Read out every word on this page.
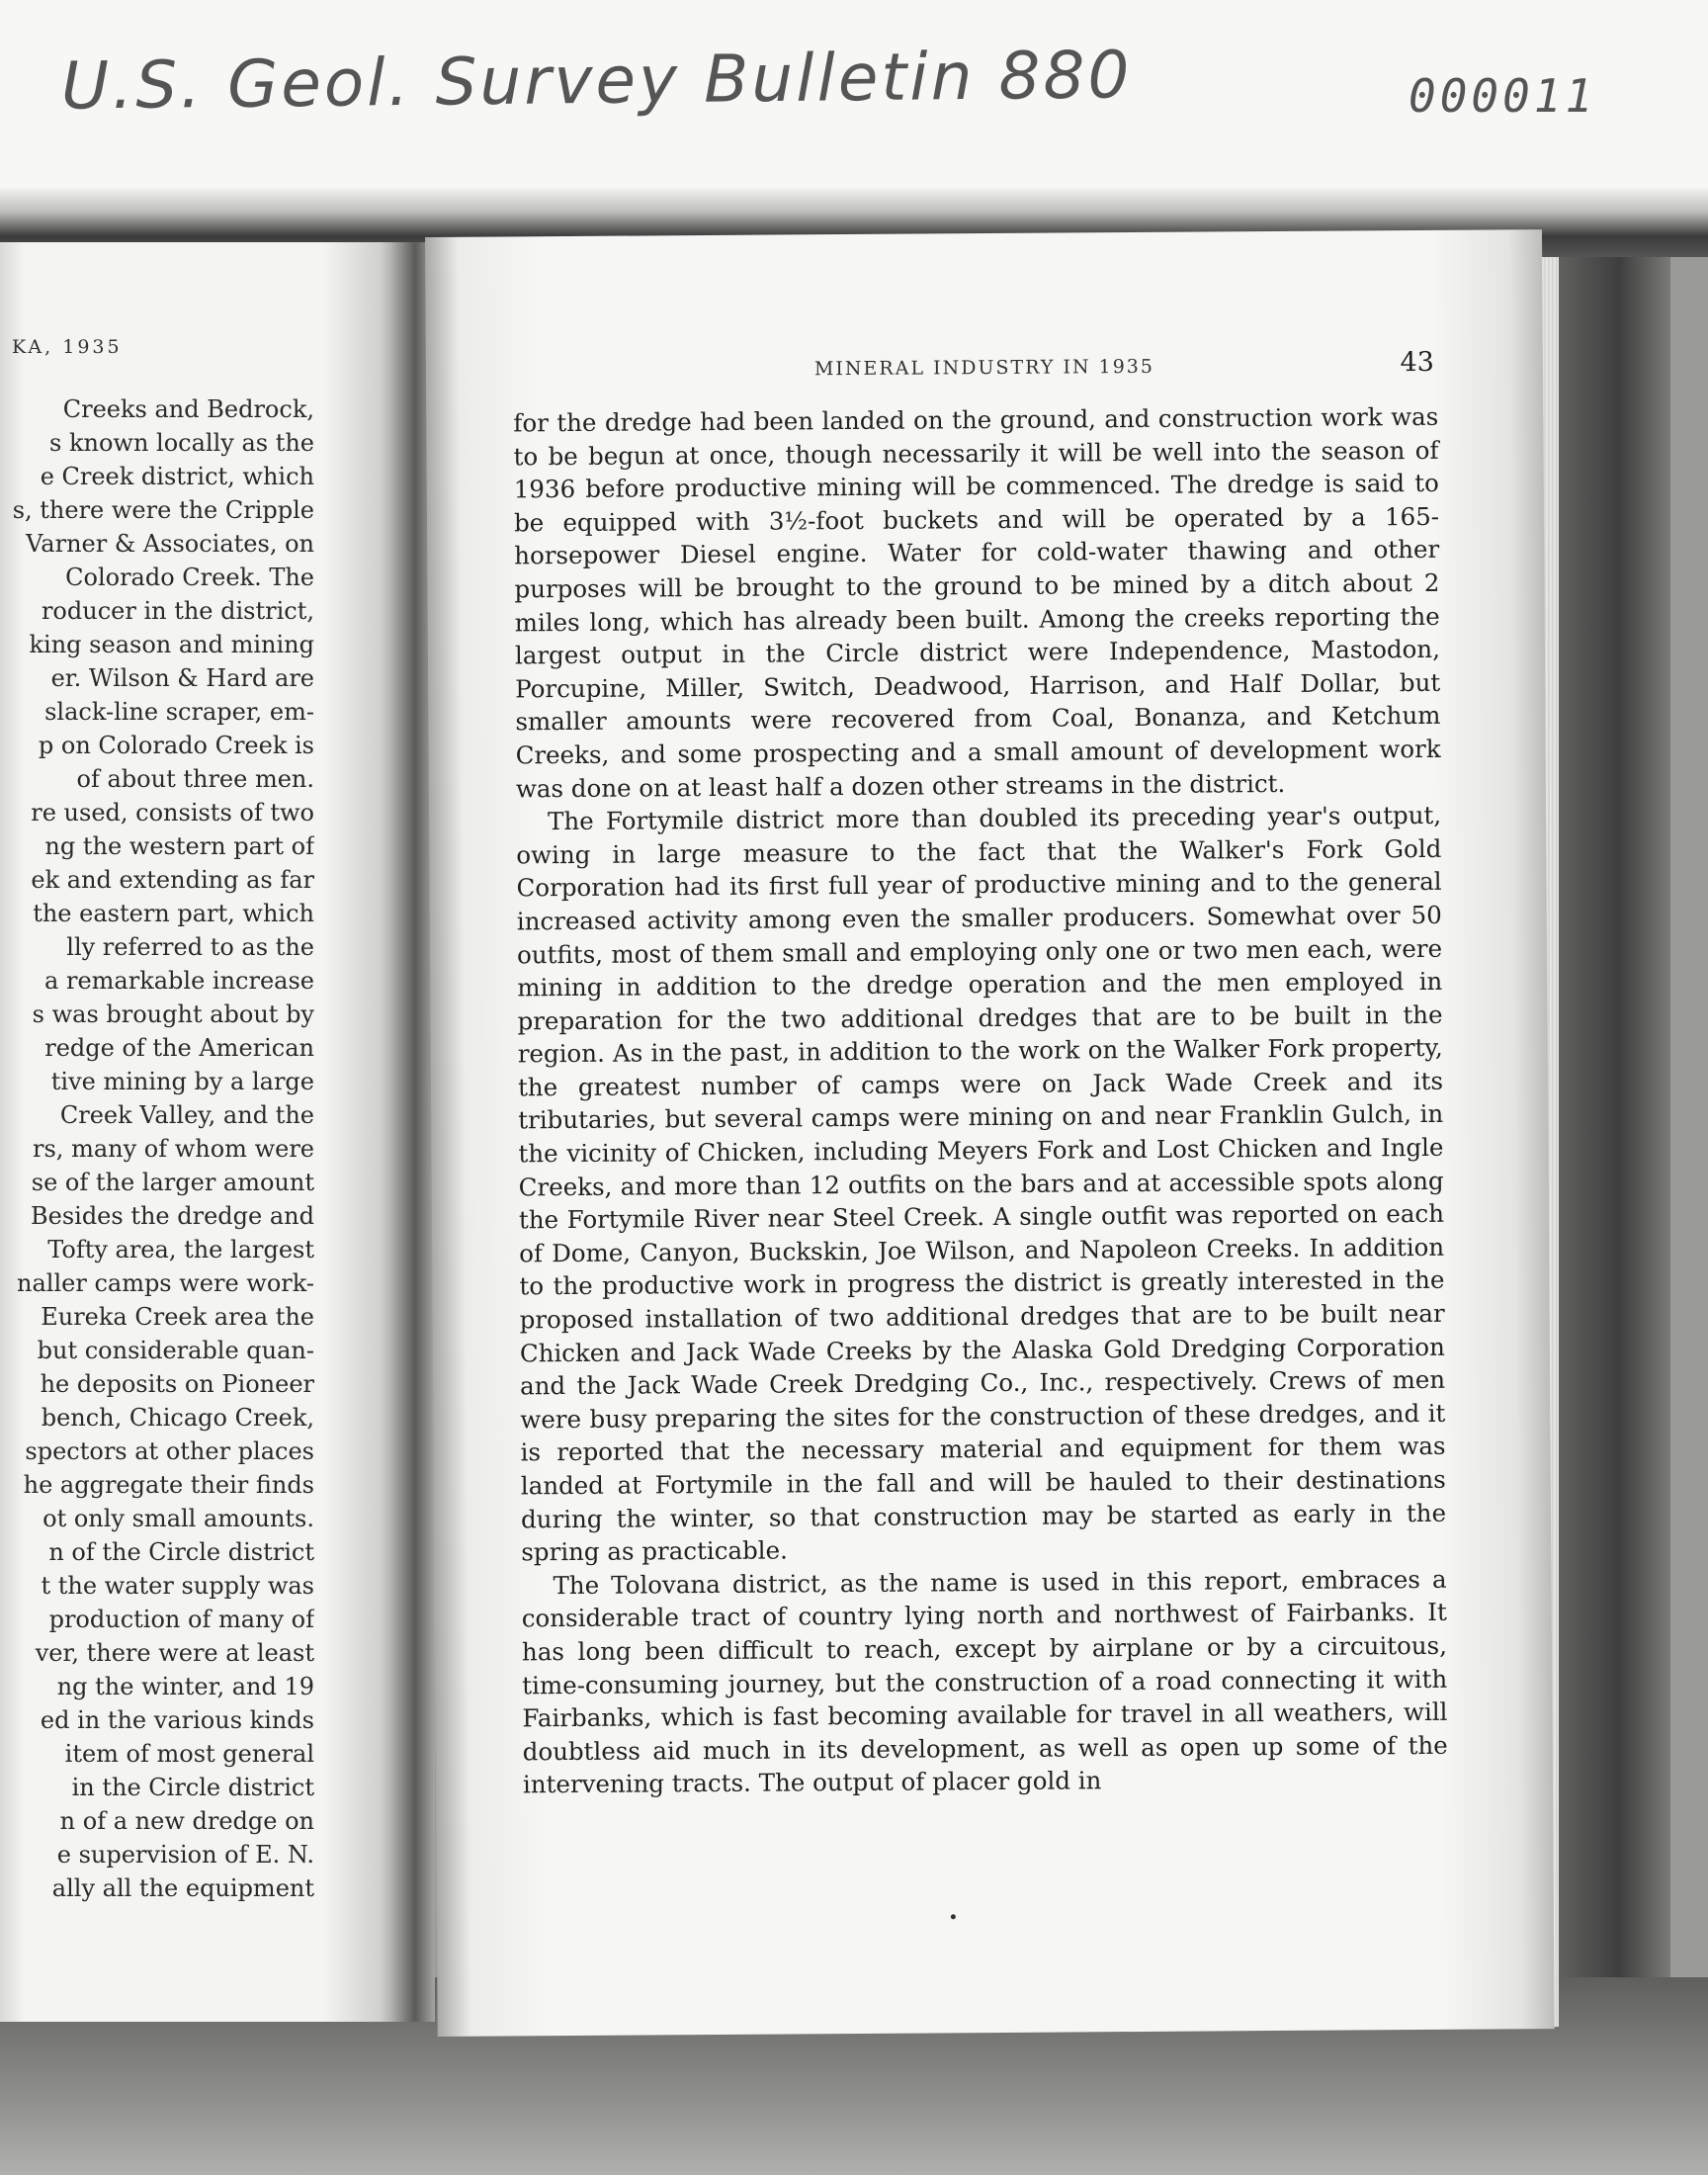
U.S. Geol. Survey Bulletin 880	000011
KA, 1935
Creeks and Bedrock,
s known locally as the
e Creek district, which
s, there were the Cripple
Varner & Associates, on
Colorado Creek. The
roducer in the district,
king season and mining
er. Wilson & Hard are
slack-line scraper, em-
p on Colorado Creek is
of about three men.
re used, consists of two
ng the western part of
ek and extending as far
the eastern part, which
lly referred to as the
a remarkable increase
s was brought about by
redge of the American
tive mining by a large
Creek Valley, and the
rs, many of whom were
se of the larger amount
Besides the dredge and
Tofty area, the largest
naller camps were work-
Eureka Creek area the
but considerable quan-
he deposits on Pioneer
bench, Chicago Creek,
spectors at other places
he aggregate their finds
ot only small amounts.
n of the Circle district
t the water supply was
production of many of
ver, there were at least
ng the winter, and 19
ed in the various kinds
item of most general
in the Circle district
n of a new dredge on
e supervision of E. N.
ally all the equipment
MINERAL INDUSTRY IN 1935	43

for the dredge had been landed on the ground, and construction work was to be begun at once, though necessarily it will be well into the season of 1936 before productive mining will be commenced. The dredge is said to be equipped with 3½-foot buckets and will be operated by a 165-horsepower Diesel engine. Water for cold-water thawing and other purposes will be brought to the ground to be mined by a ditch about 2 miles long, which has already been built. Among the creeks reporting the largest output in the Circle district were Independence, Mastodon, Porcupine, Miller, Switch, Deadwood, Harrison, and Half Dollar, but smaller amounts were recovered from Coal, Bonanza, and Ketchum Creeks, and some prospecting and a small amount of development work was done on at least half a dozen other streams in the district.

The Fortymile district more than doubled its preceding year's output, owing in large measure to the fact that the Walker's Fork Gold Corporation had its first full year of productive mining and to the general increased activity among even the smaller producers. Somewhat over 50 outfits, most of them small and employing only one or two men each, were mining in addition to the dredge operation and the men employed in preparation for the two additional dredges that are to be built in the region. As in the past, in addition to the work on the Walker Fork property, the greatest number of camps were on Jack Wade Creek and its tributaries, but several camps were mining on and near Franklin Gulch, in the vicinity of Chicken, including Meyers Fork and Lost Chicken and Ingle Creeks, and more than 12 outfits on the bars and at accessible spots along the Fortymile River near Steel Creek. A single outfit was reported on each of Dome, Canyon, Buckskin, Joe Wilson, and Napoleon Creeks. In addition to the productive work in progress the district is greatly interested in the proposed installation of two additional dredges that are to be built near Chicken and Jack Wade Creeks by the Alaska Gold Dredging Corporation and the Jack Wade Creek Dredging Co., Inc., respectively. Crews of men were busy preparing the sites for the construction of these dredges, and it is reported that the necessary material and equipment for them was landed at Fortymile in the fall and will be hauled to their destinations during the winter, so that construction may be started as early in the spring as practicable.

The Tolovana district, as the name is used in this report, embraces a considerable tract of country lying north and northwest of Fairbanks. It has long been difficult to reach, except by airplane or by a circuitous, time-consuming journey, but the construction of a road connecting it with Fairbanks, which is fast becoming available for travel in all weathers, will doubtless aid much in its development, as well as open up some of the intervening tracts. The output of placer gold in
